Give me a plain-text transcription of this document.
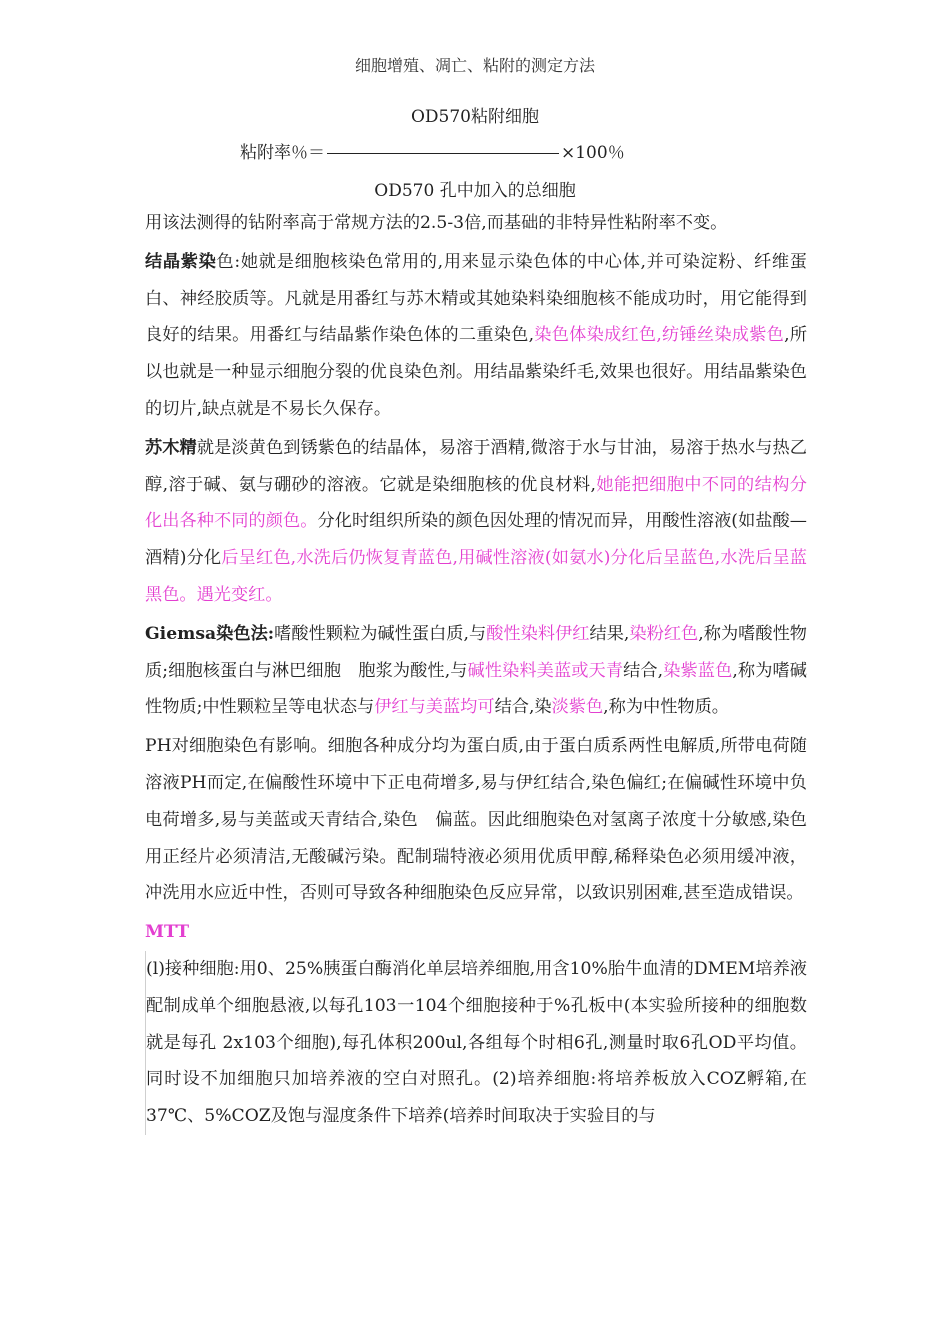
细胞增殖、凋亡、粘附的测定方法
OD570粘附细胞
粘附率％＝	×100％
OD570 孔中加入的总细胞

用该法测得的钻附率高于常规方法的2.5-3倍,而基础的非特异性粘附率不变。

结晶紫染色:她就是细胞核染色常用的,用来显示染色体的中心体,并可染淀粉、纤维蛋白、神经胶质等。凡就是用番红与苏木精或其她染料染细胞核不能成功时，用它能得到良好的结果。用番红与结晶紫作染色体的二重染色,染色体染成红色,纺锤丝染成紫色,所以也就是一种显示细胞分裂的优良染色剂。用结晶紫染纤毛,效果也很好。用结晶紫染色的切片,缺点就是不易长久保存。

苏木精就是淡黄色到锈紫色的结晶体，易溶于酒精,微溶于水与甘油，易溶于热水与热乙醇,溶于碱、氨与硼砂的溶液。它就是染细胞核的优良材料,她能把细胞中不同的结构分化出各种不同的颜色。分化时组织所染的颜色因处理的情况而异，用酸性溶液(如盐酸—酒精)分化后呈红色,水洗后仍恢复青蓝色,用碱性溶液(如氨水)分化后呈蓝色,水洗后呈蓝黑色。遇光变红。

Giemsa染色法:嗜酸性颗粒为碱性蛋白质,与酸性染料伊红结果,染粉红色,称为嗜酸性物质;细胞核蛋白与淋巴细胞　胞浆为酸性,与碱性染料美蓝或天青结合,染紫蓝色,称为嗜碱性物质;中性颗粒呈等电状态与伊红与美蓝均可结合,染淡紫色,称为中性物质。

PH对细胞染色有影响。细胞各种成分均为蛋白质,由于蛋白质系两性电解质,所带电荷随溶液PH而定,在偏酸性环境中下正电荷增多,易与伊红结合,染色偏红;在偏碱性环境中负电荷增多,易与美蓝或天青结合,染色　偏蓝。因此细胞染色对氢离子浓度十分敏感,染色用正经片必须清洁,无酸碱污染。配制瑞特液必须用优质甲醇,稀释染色必须用缓冲液，冲洗用水应近中性，否则可导致各种细胞染色反应异常，以致识别困难,甚至造成错误。

MTT

(l)接种细胞:用0、25%胰蛋白酶消化单层培养细胞,用含10%胎牛血清的DMEM培养液配制成单个细胞悬液,以每孔103一104个细胞接种于%孔板中(本实验所接种的细胞数就是每孔 2x103个细胞),每孔体积200ul,各组每个时相6孔,测量时取6孔OD平均值。同时设不加细胞只加培养液的空白对照孔。(2)培养细胞:将培养板放入COZ孵箱,在37℃、5%COZ及饱与湿度条件下培养(培养时间取决于实验目的与
